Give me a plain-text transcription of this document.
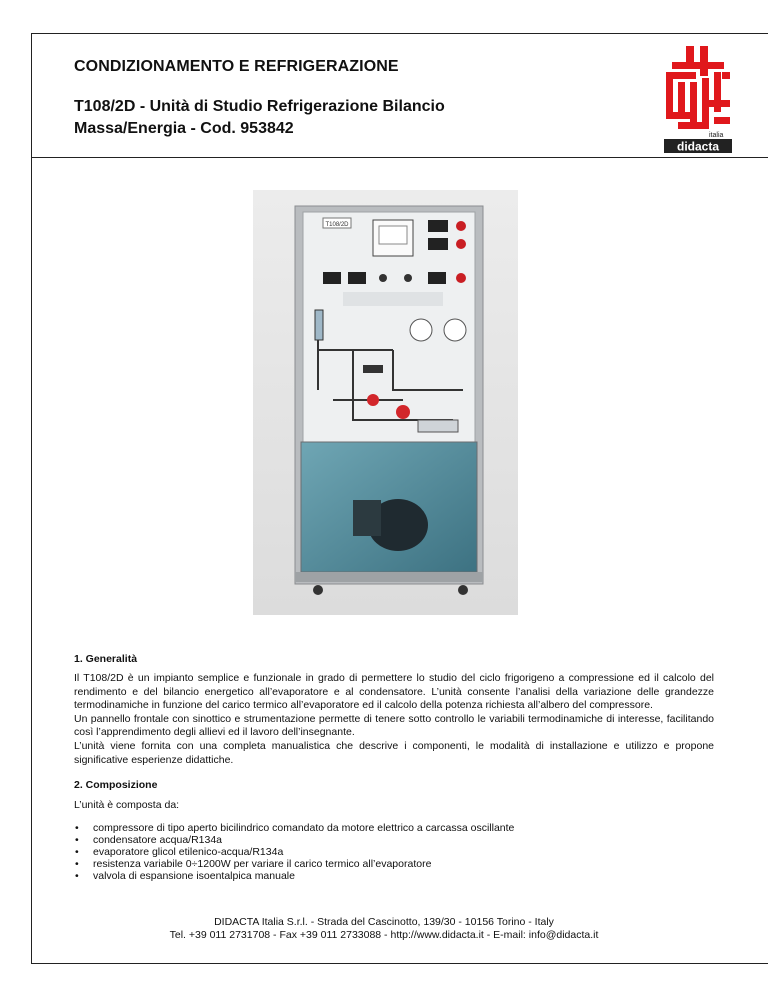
CONDIZIONAMENTO E REFRIGERAZIONE
T108/2D - Unità di Studio Refrigerazione Bilancio
Massa/Energia - Cod. 953842	italia
didacta
T108/2D
1. Generalità

Il T108/2D è un impianto semplice e funzionale in grado di permettere lo studio del ciclo frigorigeno a compressione ed il calcolo del rendimento e del bilancio energetico all’evaporatore e al condensatore. L’unità consente l’analisi della variazione delle grandezze termodinamiche in funzione del carico termico all’evaporatore ed il calcolo della potenza richiesta all’albero del compressore.

Un pannello frontale con sinottico e strumentazione permette di tenere sotto controllo le variabili termodinamiche di interesse, facilitando così l’apprendimento degli allievi ed il lavoro dell’insegnante.

L’unità viene fornita con una completa manualistica che descrive i componenti, le modalità di installazione e utilizzo e propone significative esperienze didattiche.

2. Composizione
L’unità è composta da:
• compressore di tipo aperto bicilindrico comandato da motore elettrico a carcassa oscillante
• condensatore acqua/R134a
• evaporatore glicol etilenico-acqua/R134a
• resistenza variabile 0÷1200W per variare il carico termico all’evaporatore
• valvola di espansione isoentalpica manuale
DIDACTA Italia S.r.l. - Strada del Cascinotto, 139/30 - 10156 Torino - Italy
Tel. +39 011 2731708 - Fax +39 011 2733088 - http://www.didacta.it - E-mail: info@didacta.it
